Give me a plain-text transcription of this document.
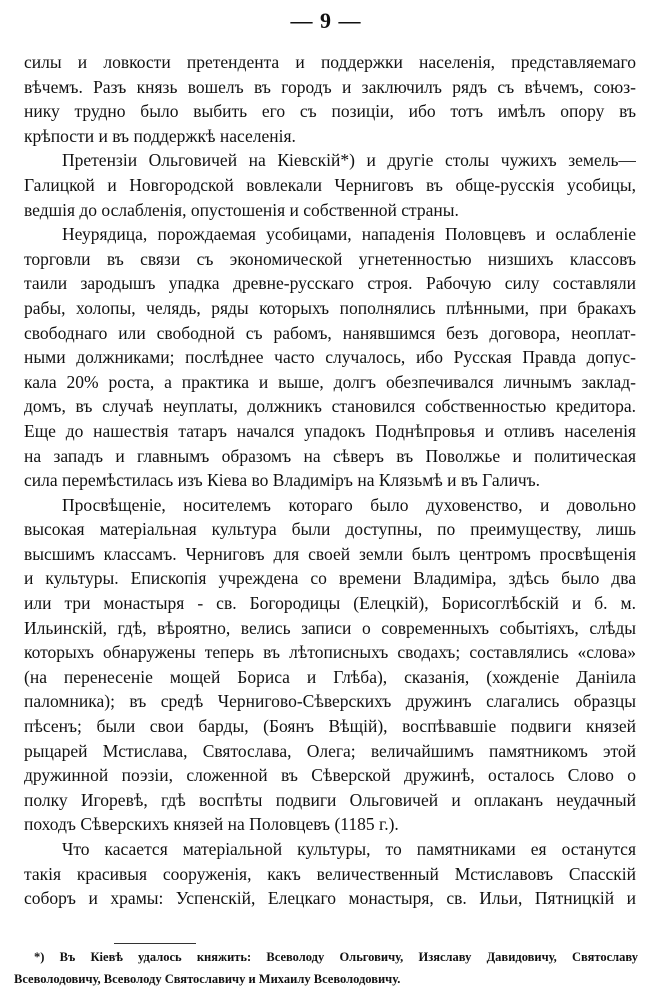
— 9 —
силы и ловкости претендента и поддержки населенія, представляемаго
вѣчемъ. Разъ князь вошелъ въ городъ и заключилъ рядъ съ вѣчемъ, союз-
нику трудно было выбить его съ позиціи, ибо тотъ имѣлъ опору въ
крѣпости и въ поддержкѣ населенія.
Претензіи Ольговичей на Кіевскій*) и другіе столы чужихъ земель—
Галицкой и Новгородской вовлекали Черниговъ въ обще-русскія усобицы,
ведшія до ослабленія, опустошенія и собственной страны.
Неурядица, порождаемая усобицами, нападенія Половцевъ и ослабленіе
торговли въ связи съ экономической угнетенностью низшихъ классовъ
таили зародышъ упадка древне-русскаго строя. Рабочую силу составляли
рабы, холопы, челядь, ряды которыхъ пополнялись плѣнными, при бракахъ
свободнаго или свободной съ рабомъ, нанявшимся безъ договора, неоплат-
ными должниками; послѣднее часто случалось, ибо Русская Правда допус-
кала 20% роста, а практика и выше, долгъ обезпечивался личнымъ заклад-
домъ, въ случаѣ неуплаты, должникъ становился собственностью кредитора.
Еще до нашествія татаръ начался упадокъ Поднѣпровья и отливъ населенія
на западъ и главнымъ образомъ на сѣверъ въ Поволжье и политическая
сила перемѣстилась изъ Кіева во Владиміръ на Клязьмѣ и въ Галичъ.
Просвѣщеніе, носителемъ котораго было духовенство, и довольно
высокая матеріальная культура были доступны, по преимуществу, лишь
высшимъ классамъ. Черниговъ для своей земли былъ центромъ просвѣщенія
и культуры. Епископія учреждена со времени Владиміра, здѣсь было два
или три монастыря - св. Богородицы (Елецкій), Борисоглѣбскій и б. м.
Ильинскій, гдѣ, вѣроятно, велись записи о современныхъ событіяхъ, слѣды
которыхъ обнаружены теперь въ лѣтописныхъ сводахъ; составлялись «слова»
(на перенесеніе мощей Бориса и Глѣба), сказанія, (хожденіе Даніила
паломника); въ средѣ Черниговo-Сѣверскихъ дружинъ слагались образцы
пѣсенъ; были свои барды, (Боянъ Вѣщій), воспѣвавшіе подвиги князей
рыцарей Мстислава, Святослава, Олега; величайшимъ памятникомъ этой
дружинной поэзіи, сложенной въ Сѣверской дружинѣ, осталось Слово о
полку Игоревѣ, гдѣ воспѣты подвиги Ольговичей и оплаканъ неудачный
походъ Сѣверскихъ князей на Половцевъ (1185 г.).
Что касается матеріальной культуры, то памятниками ея останутся
такія красивыя сооруженія, какъ величественный Мстиславовъ Спасскій
соборъ и храмы: Успенскій, Елецкаго монастыря, св. Ильи, Пятницкій и
*) Въ Кіевѣ удалось княжить: Всеволоду Ольговичу, Изяславу Давидовичу, Святославу
Всеволодовичу, Всеволоду Святославичу и Михаилу Всеволодовичу.
